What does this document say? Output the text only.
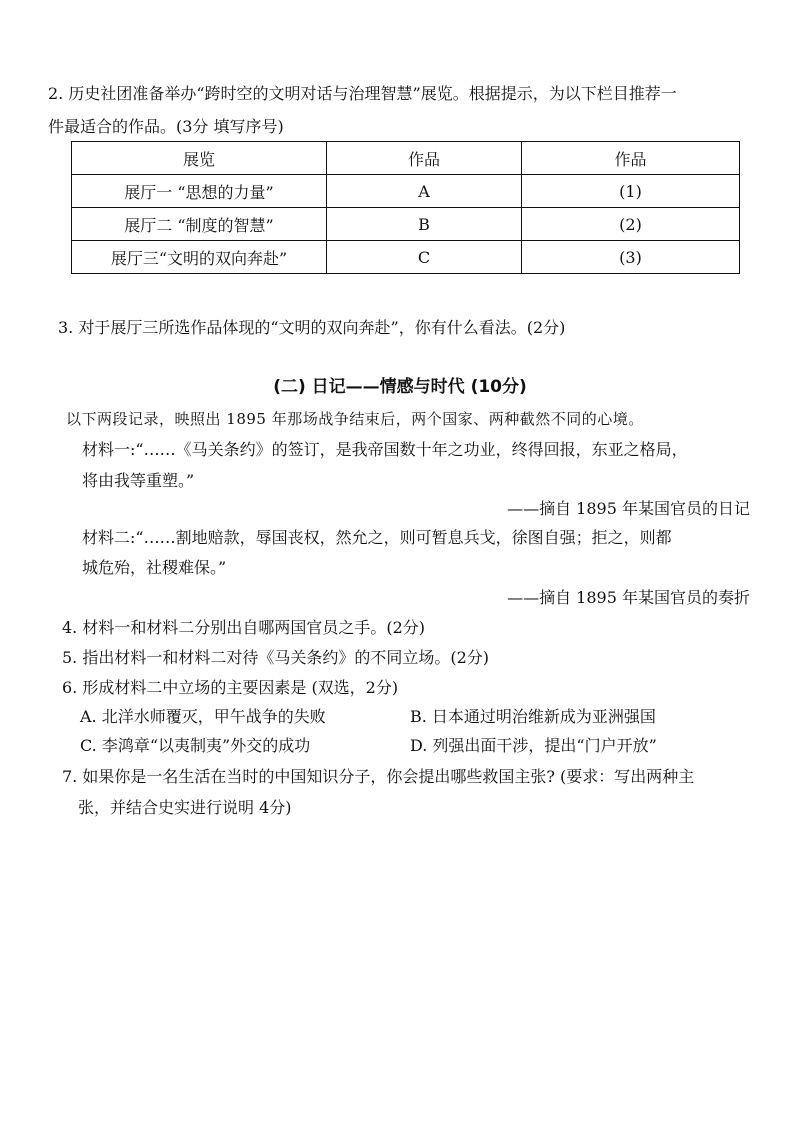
2. 历史社团准备举办“跨时空的文明对话与治理智慧”展览。根据提示，为以下栏目推荐一
件最适合的作品。(3分 填写序号)
展览	作品	作品
展厅一 “思想的力量”	A	(1)
展厅二 “制度的智慧”	B	(2)
展厅三“文明的双向奔赴”	C	(3)
3. 对于展厅三所选作品体现的“文明的双向奔赴”，你有什么看法。(2分)
(二) 日记——情感与时代 (10分)
以下两段记录，映照出 1895 年那场战争结束后，两个国家、两种截然不同的心境。
材料一:“……《马关条约》的签订，是我帝国数十年之功业，终得回报，东亚之格局，
将由我等重塑。”
——摘自 1895 年某国官员的日记
材料二:“……割地赔款，辱国丧权，然允之，则可暂息兵戈，徐图自强；拒之，则都
城危殆，社稷难保。”
——摘自 1895 年某国官员的奏折
4. 材料一和材料二分别出自哪两国官员之手。(2分)
5. 指出材料一和材料二对待《马关条约》的不同立场。(2分)
6. 形成材料二中立场的主要因素是 (双选，2分)
A. 北洋水师覆灭，甲午战争的失败	B. 日本通过明治维新成为亚洲强国
C. 李鸿章“以夷制夷”外交的成功	D. 列强出面干涉，提出“门户开放”
7. 如果你是一名生活在当时的中国知识分子，你会提出哪些救国主张? (要求：写出两种主
张，并结合史实进行说明 4分)
